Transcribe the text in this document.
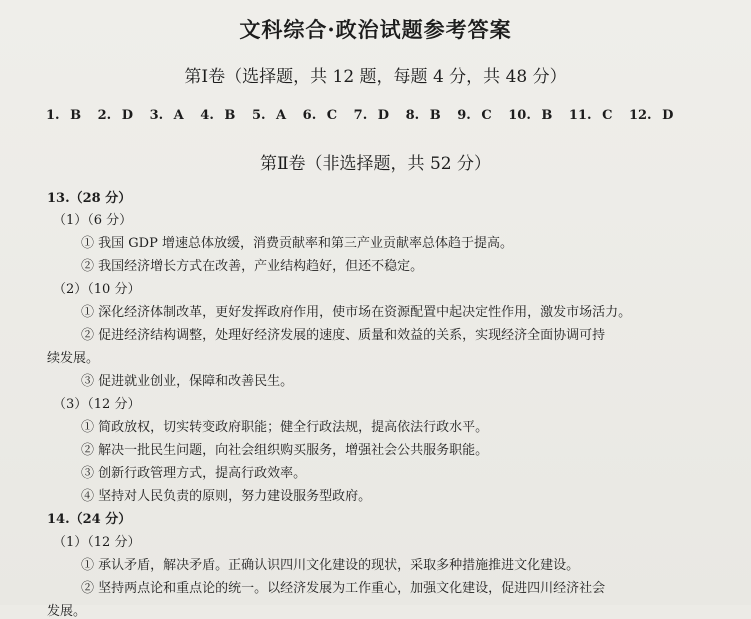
文科综合·政治试题参考答案
第Ⅰ卷（选择题，共 12 题，每题 4 分，共 48 分）
1. B 2. D 3. A 4. B 5. A 6. C 7. D 8. B 9. C 10. B 11. C 12. D
第Ⅱ卷（非选择题，共 52 分）
13.（28 分）
（1）（6 分）
① 我国 GDP 增速总体放缓，消费贡献率和第三产业贡献率总体趋于提高。
② 我国经济增长方式在改善，产业结构趋好，但还不稳定。
（2）（10 分）
① 深化经济体制改革，更好发挥政府作用，使市场在资源配置中起决定性作用，激发市场活力。
② 促进经济结构调整，处理好经济发展的速度、质量和效益的关系，实现经济全面协调可持
续发展。
③ 促进就业创业，保障和改善民生。
（3）（12 分）
① 简政放权，切实转变政府职能；健全行政法规，提高依法行政水平。
② 解决一批民生问题，向社会组织购买服务，增强社会公共服务职能。
③ 创新行政管理方式，提高行政效率。
④ 坚持对人民负责的原则，努力建设服务型政府。
14.（24 分）
（1）（12 分）
① 承认矛盾，解决矛盾。正确认识四川文化建设的现状，采取多种措施推进文化建设。
② 坚持两点论和重点论的统一。以经济发展为工作重心，加强文化建设，促进四川经济社会
发展。
